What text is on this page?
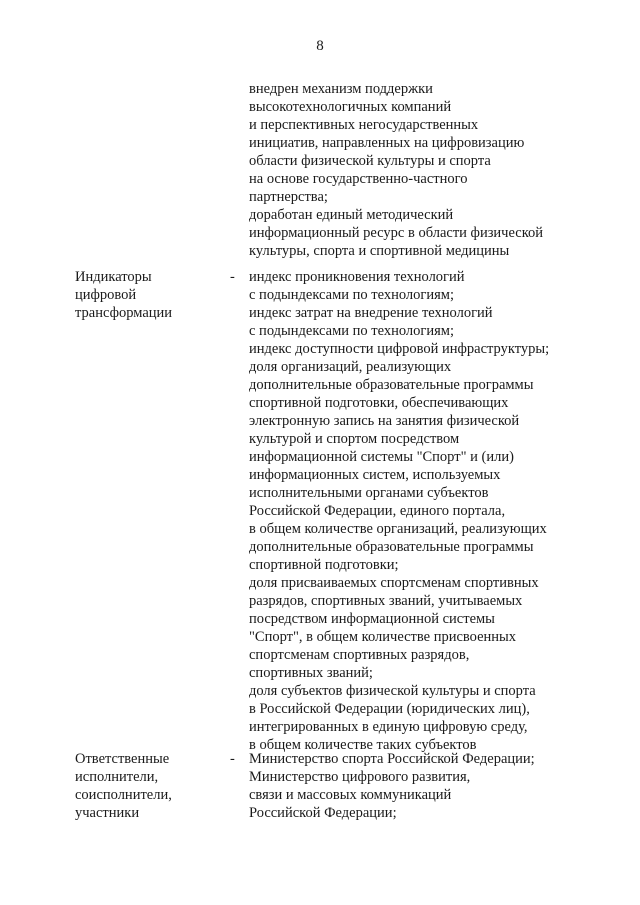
8
внедрен механизм поддержки
высокотехнологичных компаний
и перспективных негосударственных
инициатив, направленных на цифровизацию
области физической культуры и спорта
на основе государственно-частного
партнерства;
доработан единый методический
информационный ресурс в области физической
культуры, спорта и спортивной медицины
Индикаторы
цифровой
трансформации
- индекс проникновения технологий
с подындексами по технологиям;
индекс затрат на внедрение технологий
с подындексами по технологиям;
индекс доступности цифровой инфраструктуры;
доля организаций, реализующих
дополнительные образовательные программы
спортивной подготовки, обеспечивающих
электронную запись на занятия физической
культурой и спортом посредством
информационной системы "Спорт" и (или)
информационных систем, используемых
исполнительными органами субъектов
Российской Федерации, единого портала,
в общем количестве организаций, реализующих
дополнительные образовательные программы
спортивной подготовки;
доля присваиваемых спортсменам спортивных
разрядов, спортивных званий, учитываемых
посредством информационной системы
"Спорт", в общем количестве присвоенных
спортсменам спортивных разрядов,
спортивных званий;
доля субъектов физической культуры и спорта
в Российской Федерации (юридических лиц),
интегрированных в единую цифровую среду,
в общем количестве таких субъектов
Ответственные
исполнители,
соисполнители,
участники
- Министерство спорта Российской Федерации;
Министерство цифрового развития,
связи и массовых коммуникаций
Российской Федерации;
